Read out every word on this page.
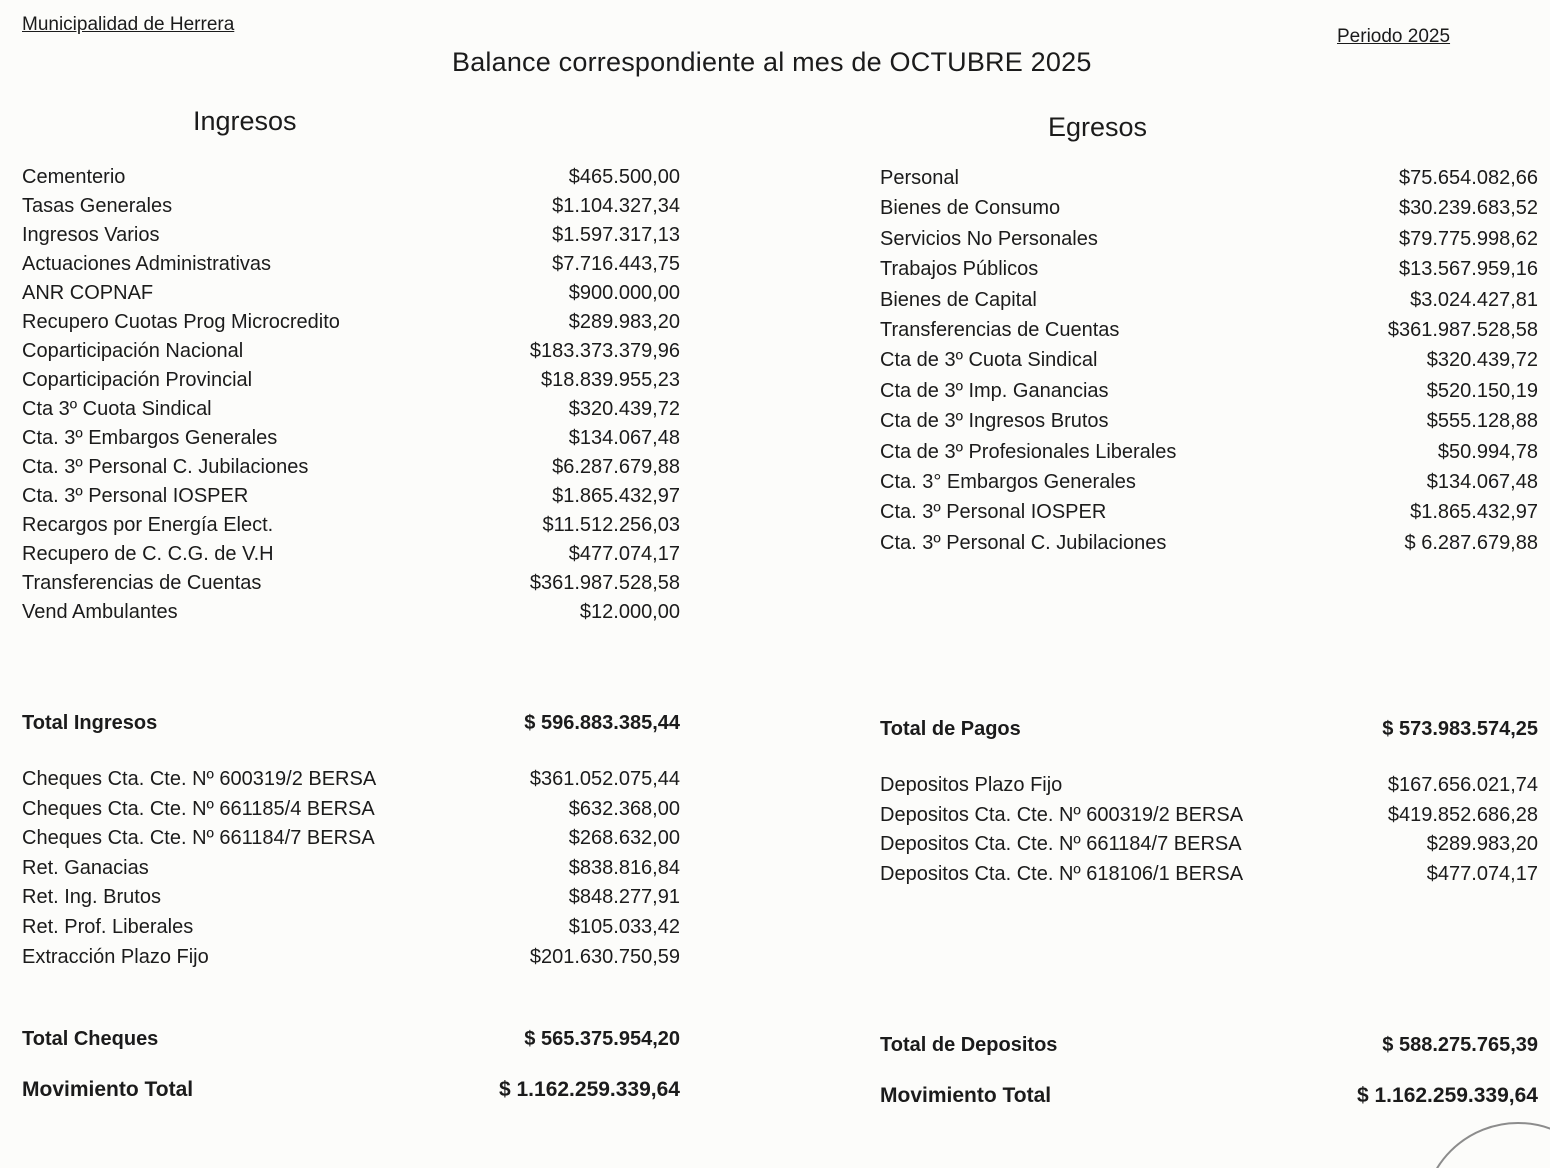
Municipalidad de Herrera
Periodo 2025
Balance correspondiente al mes de OCTUBRE 2025
Ingresos	Egresos
Cementerio	$465.500,00
Tasas Generales	$1.104.327,34
Ingresos Varios	$1.597.317,13
Actuaciones Administrativas	$7.716.443,75
ANR COPNAF	$900.000,00
Recupero Cuotas Prog Microcredito	$289.983,20
Coparticipación Nacional	$183.373.379,96
Coparticipación Provincial	$18.839.955,23
Cta 3º Cuota Sindical	$320.439,72
Cta. 3º Embargos Generales	$134.067,48
Cta. 3º Personal C. Jubilaciones	$6.287.679,88
Cta. 3º Personal IOSPER	$1.865.432,97
Recargos por Energía Elect.	$11.512.256,03
Recupero de C. C.G. de V.H	$477.074,17
Transferencias de Cuentas	$361.987.528,58
Vend Ambulantes	$12.000,00
Total Ingresos	$ 596.883.385,44
Cheques Cta. Cte. Nº 600319/2 BERSA	$361.052.075,44
Cheques Cta. Cte. Nº 661185/4 BERSA	$632.368,00
Cheques Cta. Cte. Nº 661184/7 BERSA	$268.632,00
Ret. Ganacias	$838.816,84
Ret. Ing. Brutos	$848.277,91
Ret. Prof. Liberales	$105.033,42
Extracción Plazo Fijo	$201.630.750,59
Total Cheques	$ 565.375.954,20
Movimiento Total	$ 1.162.259.339,64
Personal	$75.654.082,66
Bienes de Consumo	$30.239.683,52
Servicios No Personales	$79.775.998,62
Trabajos Públicos	$13.567.959,16
Bienes de Capital	$3.024.427,81
Transferencias de Cuentas	$361.987.528,58
Cta de 3º Cuota Sindical	$320.439,72
Cta de 3º Imp. Ganancias	$520.150,19
Cta de 3º Ingresos Brutos	$555.128,88
Cta de 3º Profesionales Liberales	$50.994,78
Cta. 3° Embargos Generales	$134.067,48
Cta. 3º Personal IOSPER	$1.865.432,97
Cta. 3º Personal C. Jubilaciones	$ 6.287.679,88
Total de Pagos	$ 573.983.574,25
Depositos Plazo Fijo	$167.656.021,74
Depositos Cta. Cte. Nº 600319/2 BERSA	$419.852.686,28
Depositos Cta. Cte. Nº 661184/7 BERSA	$289.983,20
Depositos Cta. Cte. Nº 618106/1 BERSA	$477.074,17
Total de Depositos	$ 588.275.765,39
Movimiento Total	$ 1.162.259.339,64
